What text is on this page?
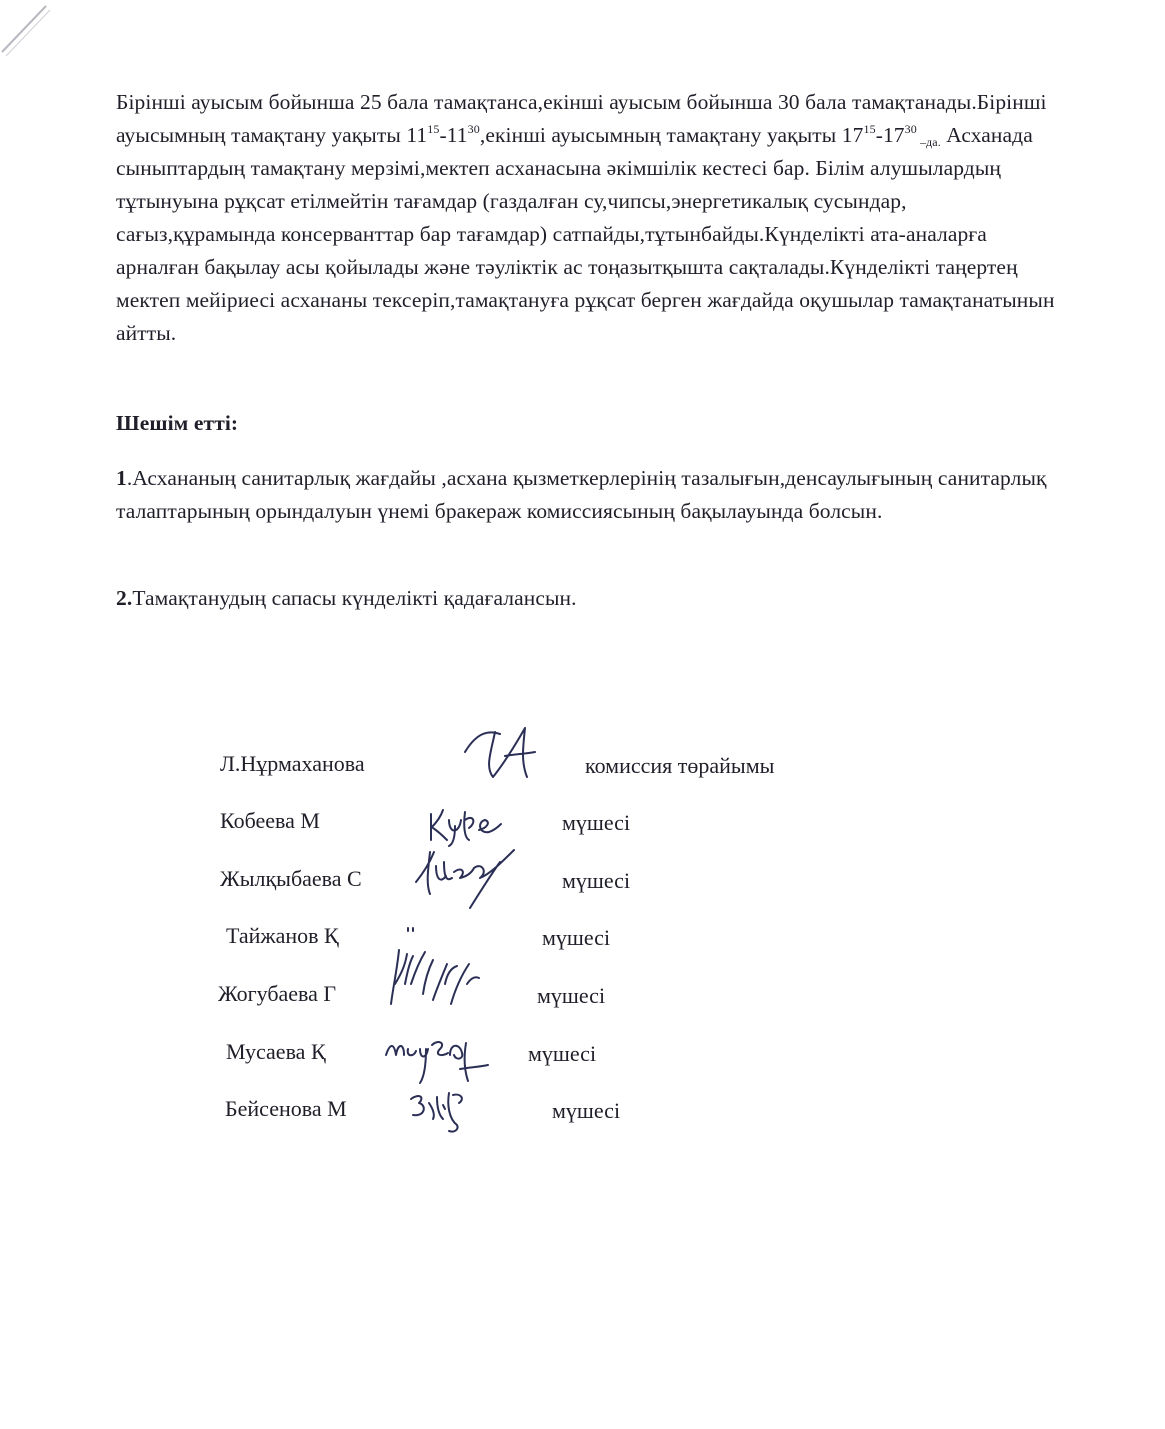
Бірінші ауысым бойынша 25 бала тамақтанса,екінші ауысым бойынша 30 бала тамақтанады.Бірінші ауысымның тамақтану уақыты $11^{15}-11^{30},екінші$ ауысымның тамақтану уақыты $17^{15}-17^{30}$ $_{-да.}$ Асханада сыныптардың тамақтану мерзімі,мектеп асханасына әкімшілік кестесі бар. Білім алушылардың тұтынуына рұқсат етілмейтін тағамдар (газдалған су,чипсы,энергетикалық сусындар, сағыз,құрамында консерванттар бар тағамдар) сатпайды,тұтынбайды.Күнделікті ата-аналарға арналған бақылау асы қойылады және тәуліктік ас тоңазытқышта сақталады.Күнделікті таңертең мектеп мейіриесі асхананы тексеріп,тамақтануға рұқсат берген жағдайда оқушылар тамақтанатынын айтты.
Шешім етті:
1.Асхананың санитарлық жағдайы ,асхана қызметкерлерінің тазалығын,денсаулығының санитарлық талаптарының орындалуын үнемі бракераж комиссиясының бақылауында болсын.
2.Тамақтанудың сапасы күнделікті қадағалансын.
Л.Нұрмаханова	комиссия төрайымы
Кобеева М	мүшесі
Жылқыбаева С	мүшесі
Тайжанов Қ	мүшесі
Жогубаева Г	мүшесі
Мусаева Қ	мүшесі
Бейсенова М	мүшесі
